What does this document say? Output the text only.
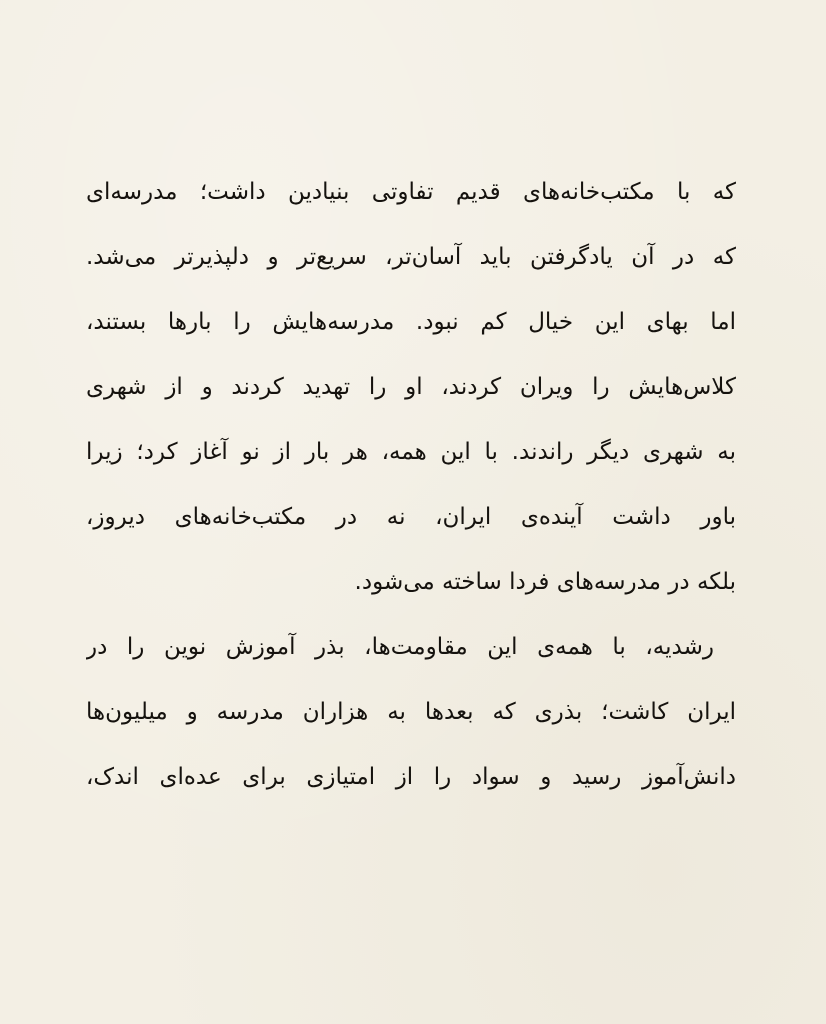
که با مکتب‌خانه‌های قدیم تفاوتی بنیادین داشت؛ مدرسه‌ای
که در آن یادگرفتن باید آسان‌تر، سریع‌تر و دلپذیرتر می‌شد.
اما بهای این خیال کم نبود. مدرسه‌هایش را بارها بستند،
کلاس‌هایش را ویران کردند، او را تهدید کردند و از شهری
به شهری دیگر راندند. با این همه، هر بار از نو آغاز کرد؛ زیرا
باور داشت آینده‌ی ایران، نه در مکتب‌خانه‌های دیروز،
بلکه در مدرسه‌های فردا ساخته می‌شود.
رشدیه، با همه‌ی این مقاومت‌ها، بذر آموزش نوین را در
ایران کاشت؛ بذری که بعدها به هزاران مدرسه و میلیون‌ها
دانش‌آموز رسید و سواد را از امتیازی برای عده‌ای اندک،
